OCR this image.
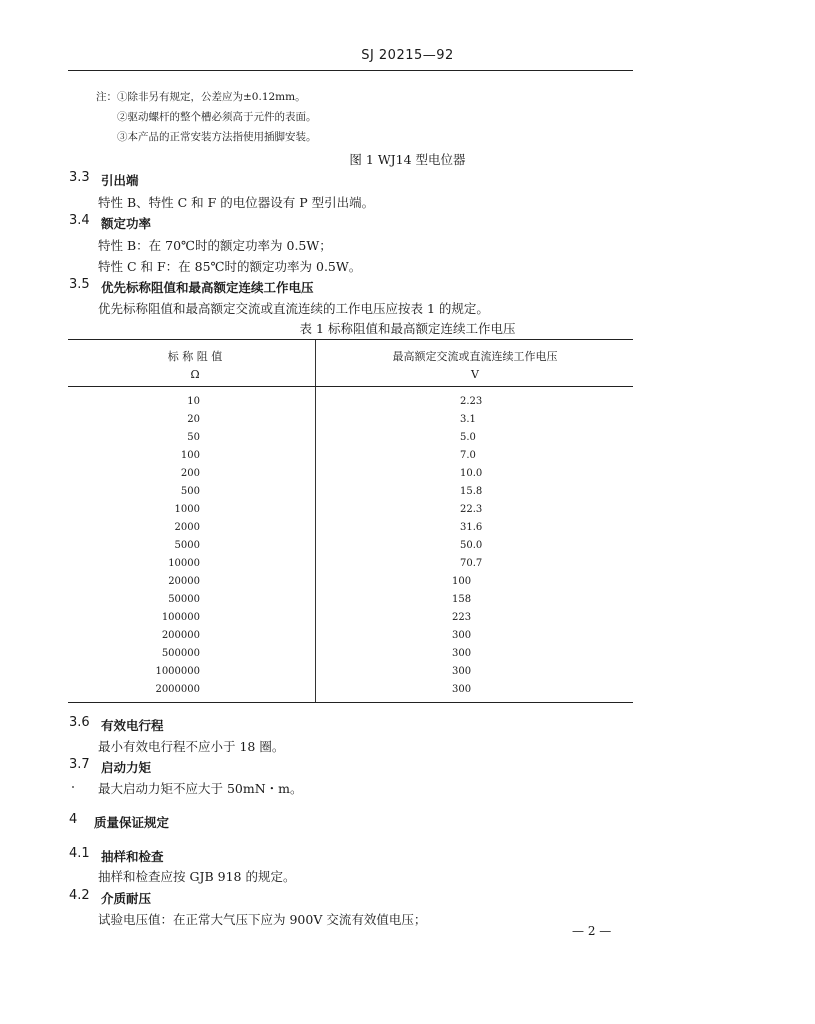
SJ 20215—92
注： ①除非另有规定，公差应为±0.12mm。
②驱动螺杆的整个槽必须高于元件的表面。
③本产品的正常安装方法指使用插脚安装。
图 1 WJ14 型电位器
3.3 引出端
特性 B、特性 C 和 F 的电位器设有 P 型引出端。
3.4 额定功率
特性 B：在 70℃时的额定功率为 0.5W；
特性 C 和 F：在 85℃时的额定功率为 0.5W。
3.5 优先标称阻值和最高额定连续工作电压
优先标称阻值和最高额定交流或直流连续的工作电压应按表 1 的规定。
表 1 标称阻值和最高额定连续工作电压
标 称 阻 值
Ω
最高额定交流或直流连续工作电压
V
10	2.23
20	3.1
50	5.0
100	7.0
200	10.0
500	15.8
1000	22.3
2000	31.6
5000	50.0
10000	70.7
20000	100
50000	158
100000	223
200000	300
500000	300
1000000	300
2000000	300
3.6 有效电行程
最小有效电行程不应小于 18 圈。
3.7 启动力矩
最大启动力矩不应大于 50mN・m。
4 质量保证规定
4.1 抽样和检查
抽样和检查应按 GJB 918 的规定。
4.2 介质耐压
试验电压值：在正常大气压下应为 900V 交流有效值电压；
— 2 —
